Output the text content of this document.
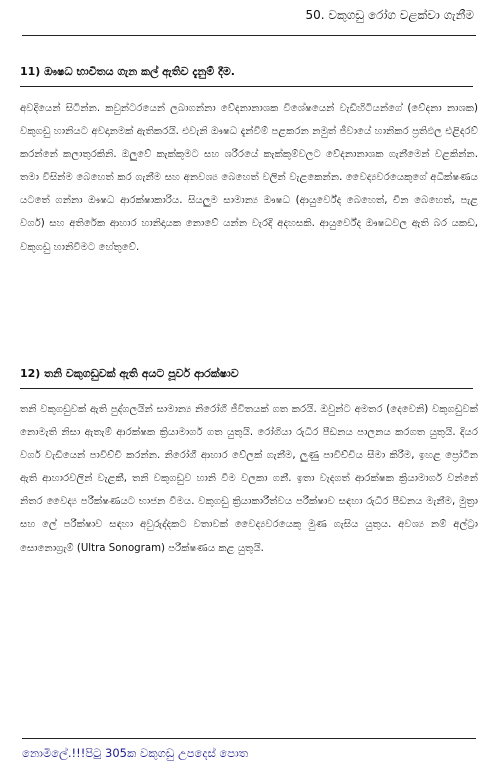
50. වකුගඩු රෝග වළක්වා ගැනීම
11) ඖෂධ භාවිතය ගැන කල් ඇතිව දැනුම් දීම.

අවදියෙන් සිටින්න. කවුන්ටරයෙන් ලබාගන්නා වේදනානාශක විශේෂයෙන් වැඩිහිටියන්ගේ (වේදනා නාශක) වකුගඩු හානියට අවදානමක් ඇතිකරයි. එවැනි ඖෂධ දැන්වීම් පළකරන නමුත් ජීවායේ හානිකර ප්‍රතිඵල එළිදරව් කරන්නේ කලාතුරකිනි. ඔලුවේ කැක්කුමට සහ ශරීරයේ කැක්කුම්වලට වේදනානාශක ගැනීමෙන් වළකින්න. තමා විසින්ම බෙහෙත් කර ගැනීම සහ අනවශ්‍ය බෙහෙත් වලින් වැළකෙන්න. වෛද්‍යවරයෙකුගේ අධීක්ෂණය යටතේ ගන්නා ඖෂධ ආරක්ෂාකාරිය. සියලුම සාමාන්‍ය ඖෂධ (ආයුර්වේද බෙහෙත්, චීන බෙහෙත්, පැළ වර්ග) සහ අතිරේක ආහාර හානිදායක නොවේ යන්න වැරදි අදහසකි. ආයුර්වේද ඖෂධවල ඇති බර යකඩ, වකුගඩු හානිවීමට හේතුවේ.

12) තනි වකුගඩුවක් ඇති අයට පූර්ව ආරක්ෂාව

තනි වකුගඩුවක් ඇති පුද්ගලයින් සාමාන්‍ය නිරෝගී ජීවිතයක් ගත කරයි. ඔවුන්ට අමතර (දෙවෙනි) වකුගඩුවක් නොමැති නිසා ඇතැම් ආරක්ෂක ක්‍රියාමාර්ග ගත යුතුයි. රෝගියා රුධිර පීඩනය පාලනය කරගත යුතුයි. දියර වර්ග වැඩියෙන් පාවිච්චි කරන්න. නිරෝගී ආහාර වේලක් ගැනීම, ලුණු පාවිච්චිය සීමා කිරීම, ඉහළ ප්‍රෝටීන ඇති ආහාරවලින් වැළකී, තනි වකුගඩුව හානි වීම වලකා ගනී. ඉතා වැදගත් ආරක්ෂක ක්‍රියාමාර්ග වන්නේ නිතර වෛද්‍ය පරීක්ෂණයට භාජන වීමය. වකුගඩු ක්‍රියාකාරීත්වය පරීක්ෂාව සඳහා රුධිර පීඩනය මැනීම, මුත්‍රා සහ ලේ පරීක්ෂාව සඳහා අවුරුද්දකට වතාවක් වෛද්‍යවරයෙකු මුණ ගැසිය යුතුය. අවශ්‍ය නම් අල්ට්‍රා සොනොග්‍රැම් (Ultra Sonogram) පරීක්ෂණය කළ යුතුයි.

නොමිලේ.!!!පිටු 305ක වකුගඩු උපදෙස් පොත
